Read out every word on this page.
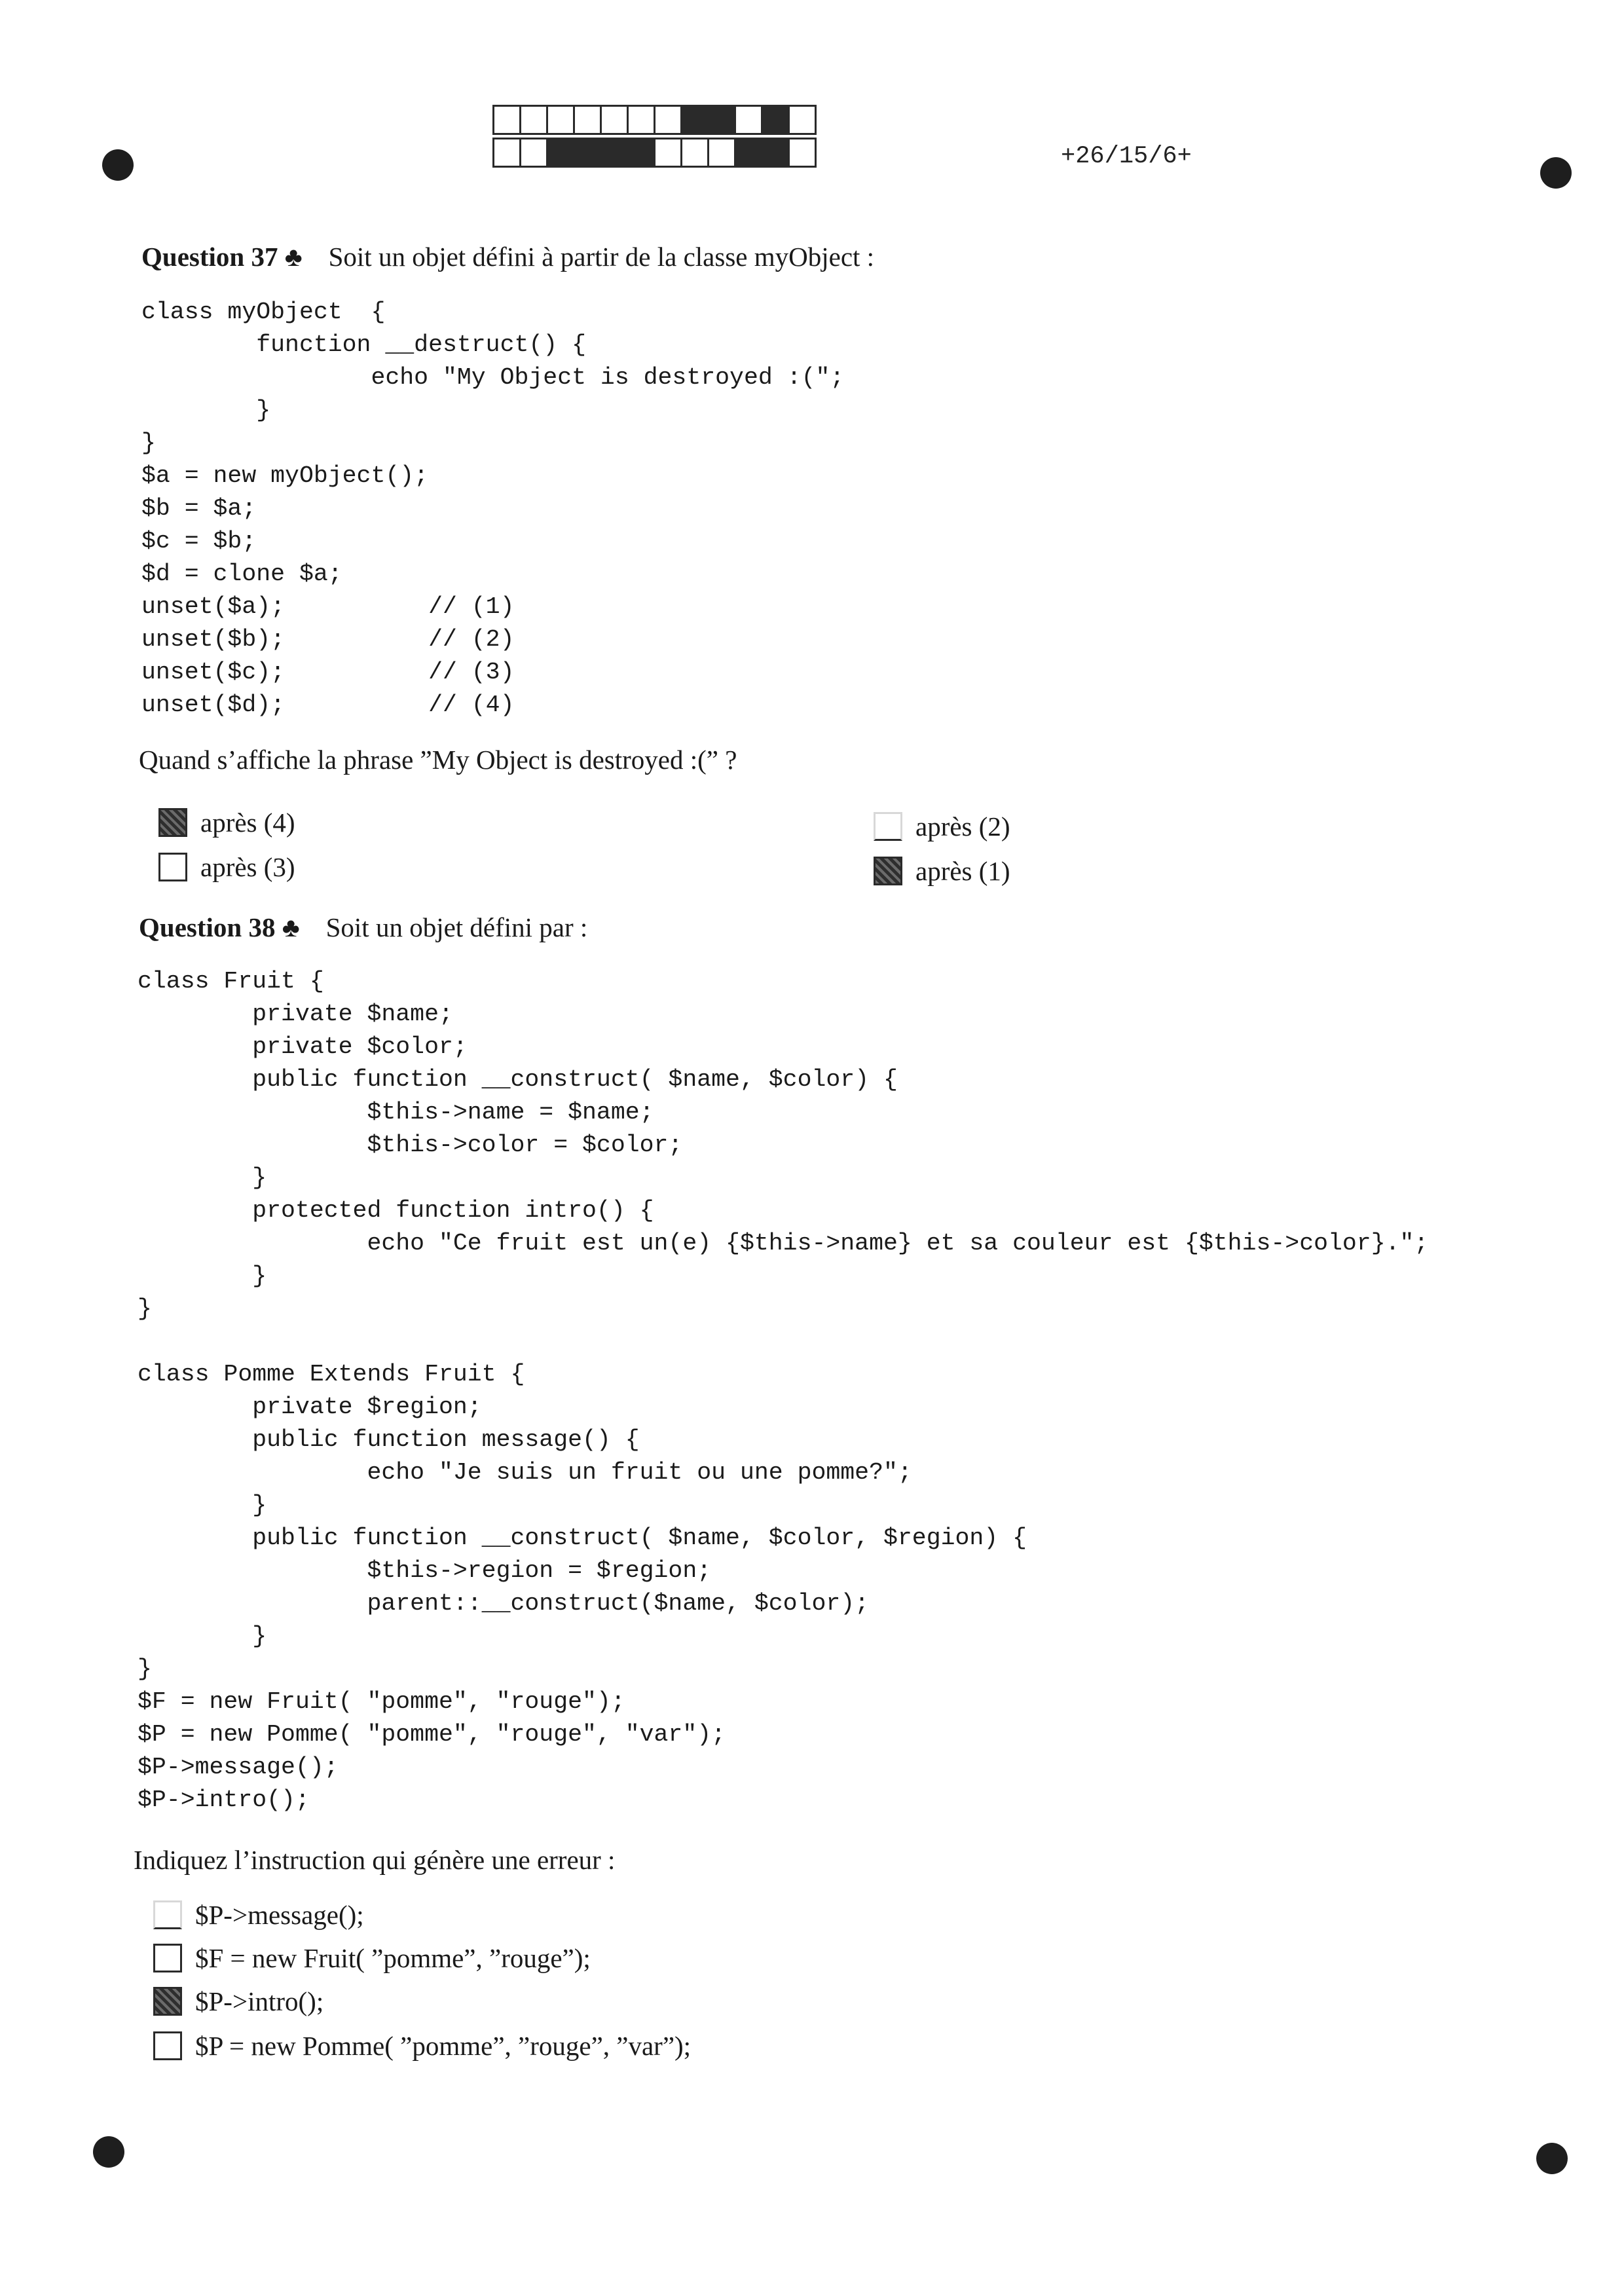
+26/15/6+
Question 37 ♣ Soit un objet défini à partir de la classe myObject :
class myObject  {
function __destruct() {
echo "My Object is destroyed :(";
}
}
$a = new myObject();
$b = $a;
$c = $b;
$d = clone $a;
unset($a);          // (1)
unset($b);          // (2)
unset($c);          // (3)
unset($d);          // (4)
Quand s’affiche la phrase ”My Object is destroyed :(” ?
après (4)
après (3)
après (2)
après (1)
Question 38 ♣ Soit un objet défini par :
class Fruit {
private $name;
private $color;
public function __construct( $name, $color) {
$this->name = $name;
$this->color = $color;
}
protected function intro() {
echo "Ce fruit est un(e) {$this->name} et sa couleur est {$this->color}.";
}
}

class Pomme Extends Fruit {
private $region;
public function message() {
echo "Je suis un fruit ou une pomme?";
}
public function __construct( $name, $color, $region) {
$this->region = $region;
parent::__construct($name, $color);
}
}
$F = new Fruit( "pomme", "rouge");
$P = new Pomme( "pomme", "rouge", "var");
$P->message();
$P->intro();
Indiquez l’instruction qui génère une erreur :
$P->message();
$F = new Fruit( ”pomme”, ”rouge”);
$P->intro();
$P = new Pomme( ”pomme”, ”rouge”, ”var”);
